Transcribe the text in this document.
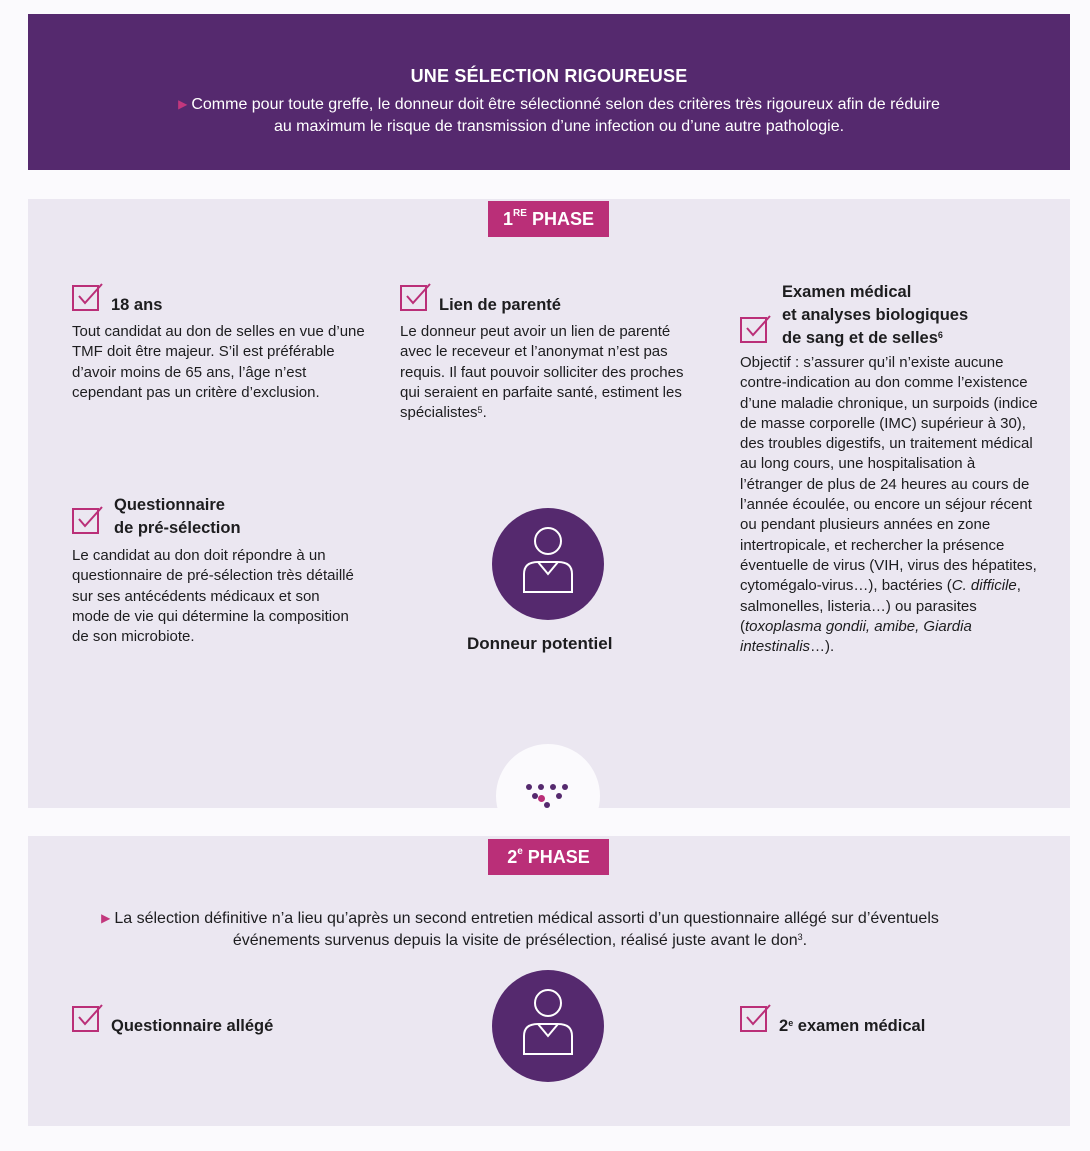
UNE SÉLECTION RIGOUREUSE
▶ Comme pour toute greffe, le donneur doit être sélectionné selon des critères très rigoureux afin de réduire au maximum le risque de transmission d’une infection ou d’une autre pathologie.
1RE PHASE
18 ans
Tout candidat au don de selles en vue d’une TMF doit être majeur. S’il est préférable d’avoir moins de 65 ans, l’âge n’est cependant pas un critère d’exclusion.
Lien de parenté
Le donneur peut avoir un lien de parenté avec le receveur et l’anonymat n’est pas requis. Il faut pouvoir solliciter des proches qui seraient en parfaite santé, estiment les spécialistes$^5$.
Examen médical
et analyses biologiques
de sang et de selles$^6$
Objectif : s’assurer qu’il n’existe aucune contre-indication au don comme l’existence d’une maladie chronique, un surpoids (indice de masse corporelle (IMC) supérieur à 30), des troubles digestifs, un traitement médical au long cours, une hospitalisation à l’étranger de plus de 24 heures au cours de l’année écoulée, ou encore un séjour récent ou pendant plusieurs années en zone intertropicale, et rechercher la présence éventuelle de virus (VIH, virus des hépatites, cytomégalo-virus…), bactéries (C. difficile, salmonelles, listeria…) ou parasites (toxoplasma gondii, amibe, Giardia intestinalis…).
Questionnaire
de pré-sélection
Le candidat au don doit répondre à un questionnaire de pré-sélection très détaillé sur ses antécédents médicaux et son mode de vie qui détermine la composition de son microbiote.	Donneur potentiel
2e PHASE
▶ La sélection définitive n’a lieu qu’après un second entretien médical assorti d’un questionnaire allégé sur d’éventuels événements survenus depuis la visite de présélection, réalisé juste avant le don$^3$.
Questionnaire allégé	2e examen médical
